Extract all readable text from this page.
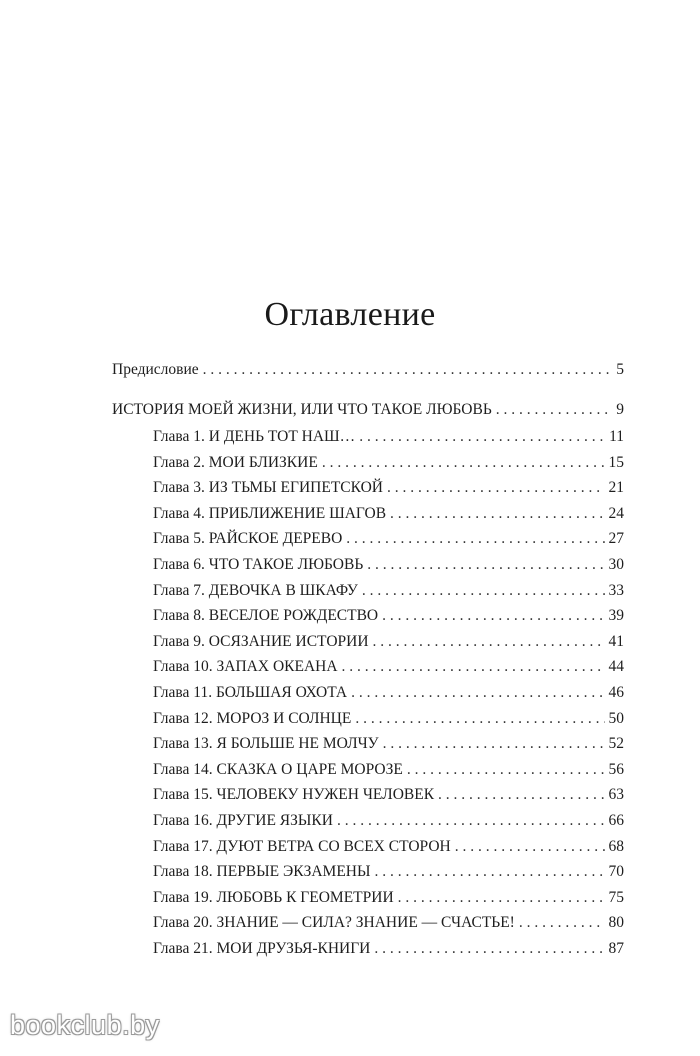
Оглавление
Предисловие . . .	5
ИСТОРИЯ МОЕЙ ЖИЗНИ, ИЛИ ЧТО ТАКОЕ ЛЮБОВЬ . . .	9
Глава 1. И ДЕНЬ ТОТ НАШ… . . .	11
Глава 2. МОИ БЛИЗКИЕ . . .	15
Глава 3. ИЗ ТЬМЫ ЕГИПЕТСКОЙ . . .	21
Глава 4. ПРИБЛИЖЕНИЕ ШАГОВ . . .	24
Глава 5. РАЙСКОЕ ДЕРЕВО . . .	27
Глава 6. ЧТО ТАКОЕ ЛЮБОВЬ . . .	30
Глава 7. ДЕВОЧКА В ШКАФУ . . .	33
Глава 8. ВЕСЕЛОЕ РОЖДЕСТВО . . .	39
Глава 9. ОСЯЗАНИЕ ИСТОРИИ . . .	41
Глава 10. ЗАПАХ ОКЕАНА . . .	44
Глава 11. БОЛЬШАЯ ОХОТА . . .	46
Глава 12. МОРОЗ И СОЛНЦЕ . . .	50
Глава 13. Я БОЛЬШЕ НЕ МОЛЧУ . . .	52
Глава 14. СКАЗКА О ЦАРЕ МОРОЗЕ . . .	56
Глава 15. ЧЕЛОВЕКУ НУЖЕН ЧЕЛОВЕК . . .	63
Глава 16. ДРУГИЕ ЯЗЫКИ . . .	66
Глава 17. ДУЮТ ВЕТРА СО ВСЕХ СТОРОН . . .	68
Глава 18. ПЕРВЫЕ ЭКЗАМЕНЫ . . .	70
Глава 19. ЛЮБОВЬ К ГЕОМЕТРИИ . . .	75
Глава 20. ЗНАНИЕ — СИЛА? ЗНАНИЕ — СЧАСТЬЕ! . . .	80
Глава 21. МОИ ДРУЗЬЯ-КНИГИ . . .	87
bookclub.by
